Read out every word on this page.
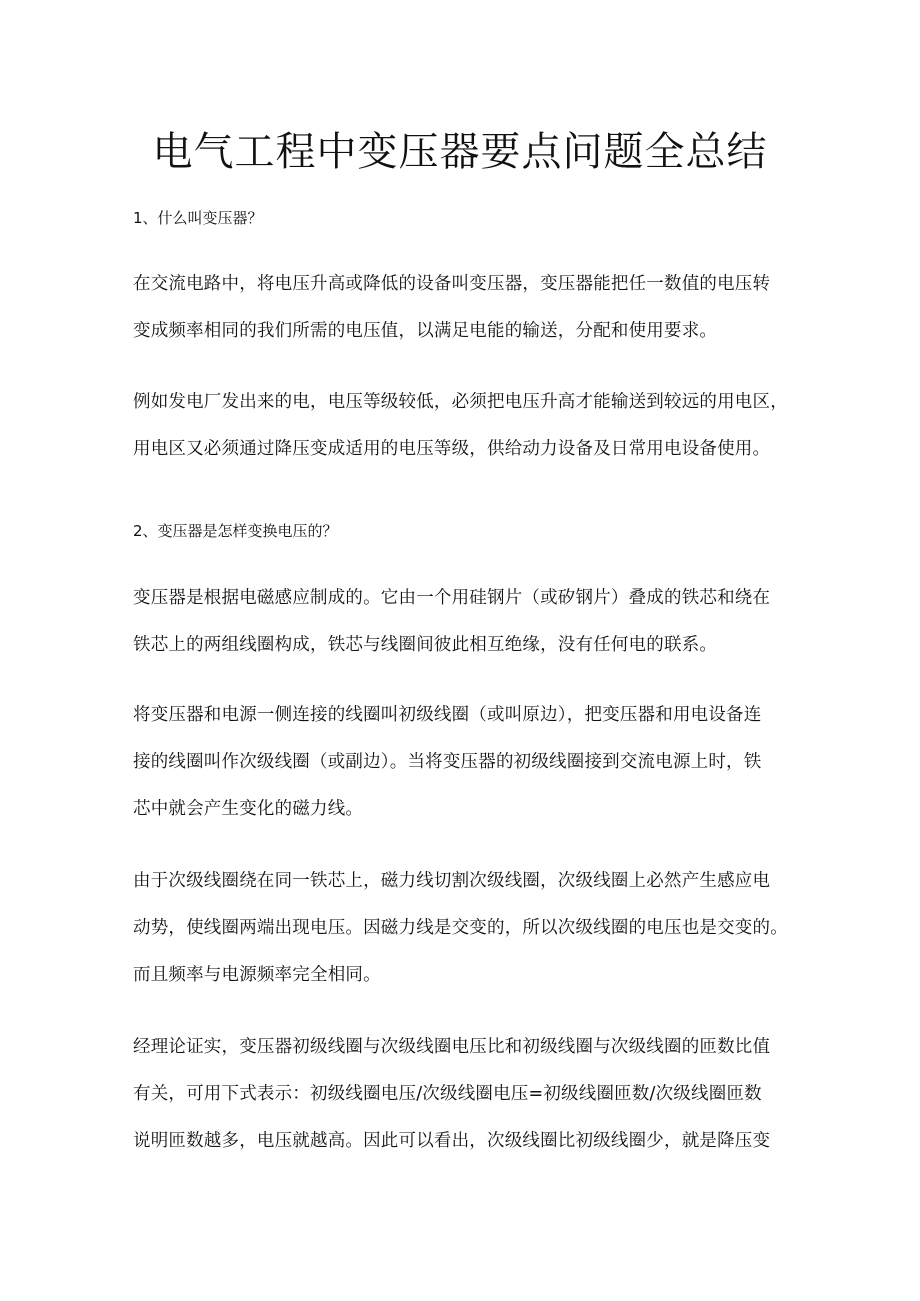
电气工程中变压器要点问题全总结

1、什么叫变压器？

在交流电路中，将电压升高或降低的设备叫变压器，变压器能把任一数值的电压转
变成频率相同的我们所需的电压值，以满足电能的输送，分配和使用要求。
例如发电厂发出来的电，电压等级较低，必须把电压升高才能输送到较远的用电区，
用电区又必须通过降压变成适用的电压等级，供给动力设备及日常用电设备使用。

2、变压器是怎样变换电压的？

变压器是根据电磁感应制成的。它由一个用硅钢片（或矽钢片）叠成的铁芯和绕在
铁芯上的两组线圈构成，铁芯与线圈间彼此相互绝缘，没有任何电的联系。
将变压器和电源一侧连接的线圈叫初级线圈（或叫原边），把变压器和用电设备连
接的线圈叫作次级线圈（或副边）。当将变压器的初级线圈接到交流电源上时，铁
芯中就会产生变化的磁力线。
由于次级线圈绕在同一铁芯上，磁力线切割次级线圈，次级线圈上必然产生感应电
动势，使线圈两端出现电压。因磁力线是交变的，所以次级线圈的电压也是交变的。
而且频率与电源频率完全相同。
经理论证实，变压器初级线圈与次级线圈电压比和初级线圈与次级线圈的匝数比值
有关，可用下式表示：初级线圈电压/次级线圈电压=初级线圈匝数/次级线圈匝数
说明匝数越多，电压就越高。因此可以看出，次级线圈比初级线圈少，就是降压变
